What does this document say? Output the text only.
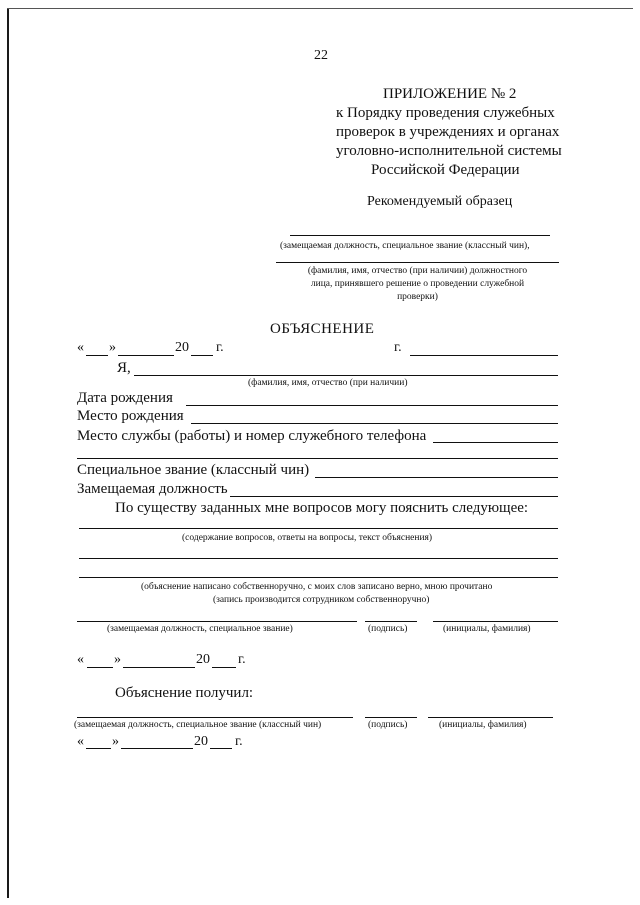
22
ПРИЛОЖЕНИЕ № 2
к Порядку проведения служебных
проверок в учреждениях и органах
уголовно-исполнительной системы
Российской Федерации
Рекомендуемый образец
(замещаемая должность, специальное звание (классный чин),
(фамилия, имя, отчество (при наличии) должностного
лица, принявшего решение о проведении служебной
проверки)
ОБЪЯСНЕНИЕ
« »	20 г.	г.
Я,
(фамилия, имя, отчество (при наличии)
Дата рождения
Место рождения
Место службы (работы) и номер служебного телефона
Специальное звание (классный чин)
Замещаемая должность
По существу заданных мне вопросов могу пояснить следующее:
(содержание вопросов, ответы на вопросы, текст объяснения)
(объяснение написано собственноручно, с моих слов записано верно, мною прочитано
(запись производится сотрудником собственноручно)
(замещаемая должность, специальное звание)	(подпись)	(инициалы, фамилия)
« »	20 г.
Объяснение получил:
(замещаемая должность, специальное звание (классный чин)	(подпись)	(инициалы, фамилия)
« »	20 г.
